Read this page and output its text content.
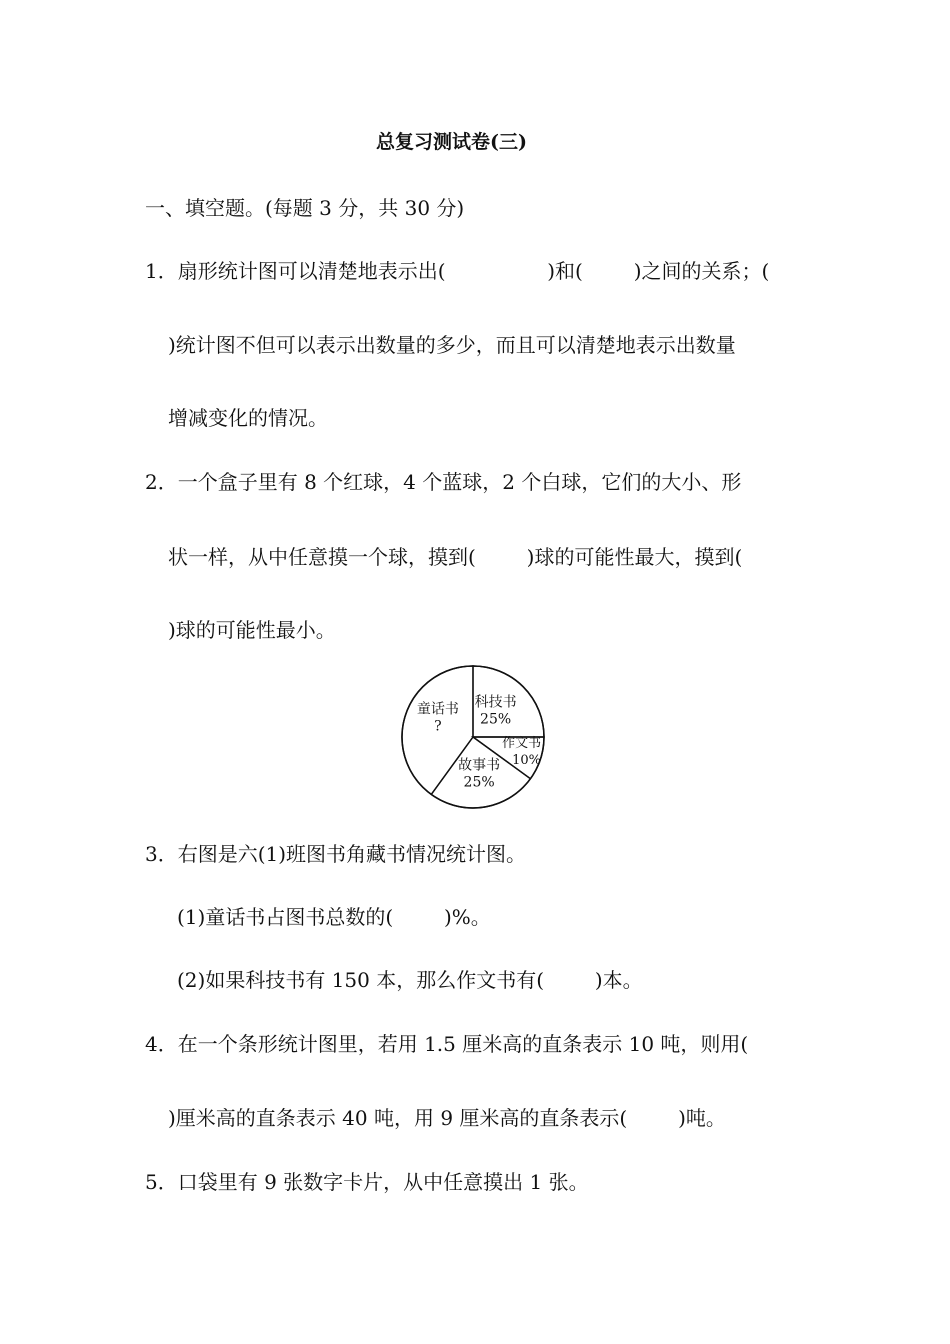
总复习测试卷(三)
一、填空题。(每题 3 分，共 30 分)
1．扇形统计图可以清楚地表示出(                )和(        )之间的关系；(
)统计图不但可以表示出数量的多少，而且可以清楚地表示出数量
增减变化的情况。
2．一个盒子里有 8 个红球，4 个蓝球，2 个白球，它们的大小、形
状一样，从中任意摸一个球，摸到(        )球的可能性最大，摸到(
)球的可能性最小。
科技书
25%
作文书
10%
故事书
25%
童话书
?
3．右图是六(1)班图书角藏书情况统计图。
(1)童话书占图书总数的(        )%。
(2)如果科技书有 150 本，那么作文书有(        )本。
4．在一个条形统计图里，若用 1.5 厘米高的直条表示 10 吨，则用(
)厘米高的直条表示 40 吨，用 9 厘米高的直条表示(        )吨。
5．口袋里有 9 张数字卡片，从中任意摸出 1 张。
